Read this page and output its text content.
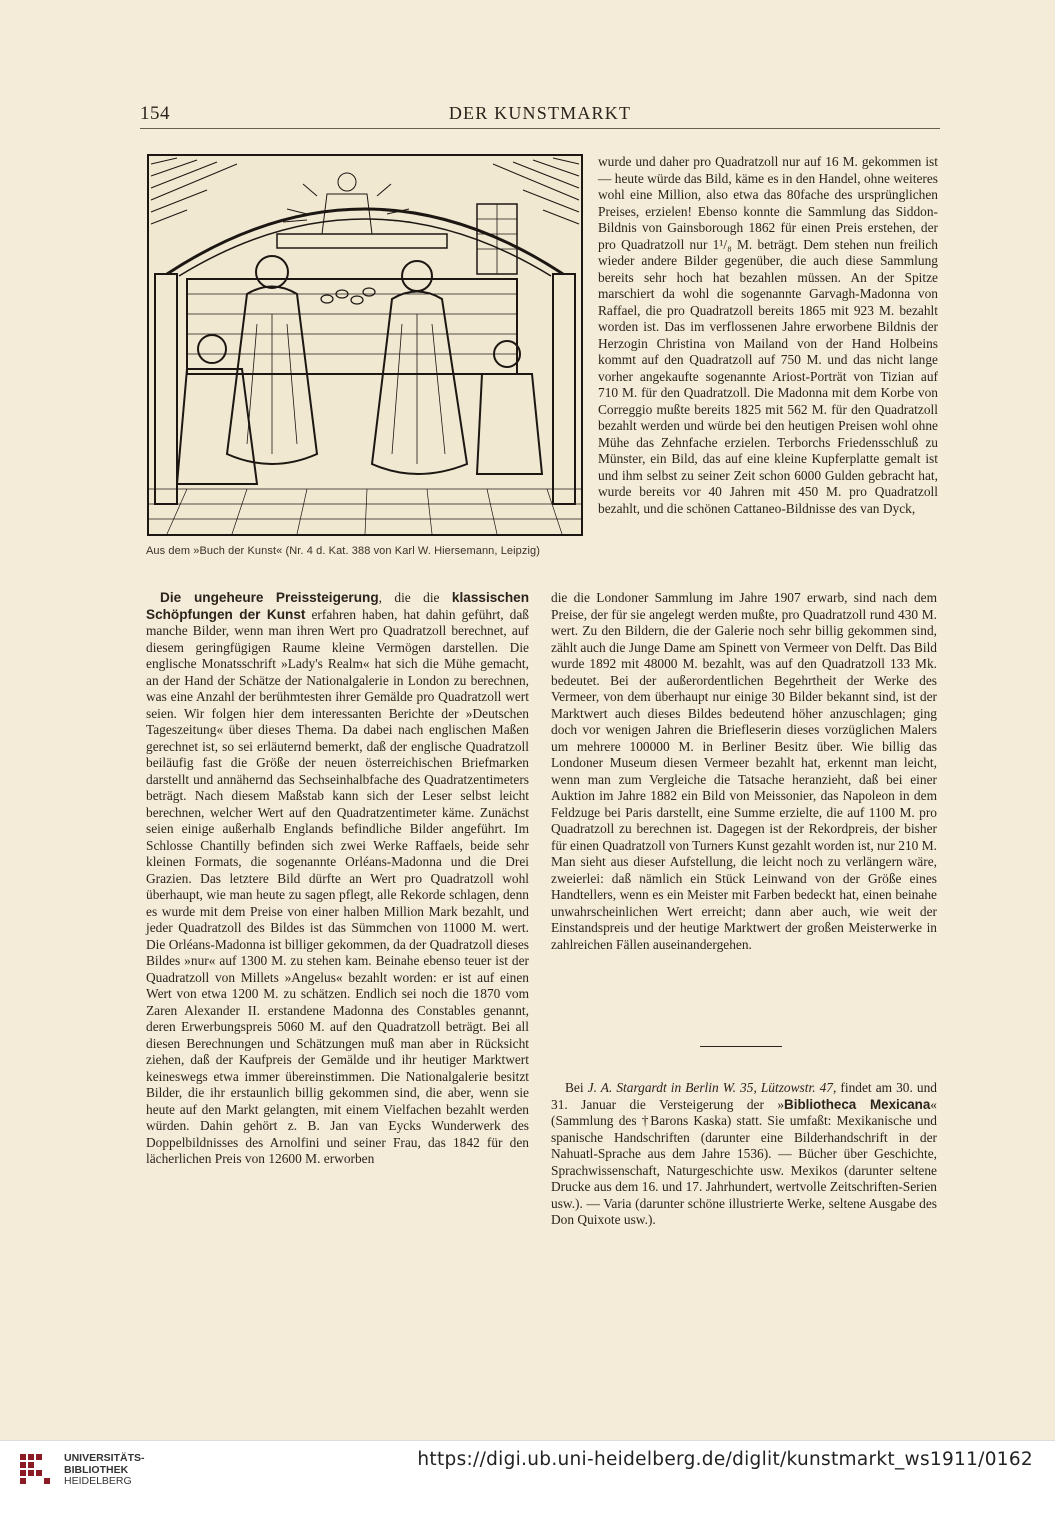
154	DER KUNSTMARKT
Aus dem »Buch der Kunst« (Nr. 4 d. Kat. 388 von Karl W. Hiersemann, Leipzig)

wurde und daher pro Quadratzoll nur auf 16 M. gekommen ist — heute würde das Bild, käme es in den Handel, ohne weiteres wohl eine Million, also etwa das 80fache des ursprünglichen Preises, erzielen! Ebenso konnte die Sammlung das Siddon-Bildnis von Gainsborough 1862 für einen Preis erstehen, der pro Quadratzoll nur 1¹/₈ M. beträgt. Dem stehen nun freilich wieder andere Bilder gegenüber, die auch diese Sammlung bereits sehr hoch hat bezahlen müssen. An der Spitze marschiert da wohl die sogenannte Garvagh-Madonna von Raffael, die pro Quadratzoll bereits 1865 mit 923 M. bezahlt worden ist. Das im verflossenen Jahre erworbene Bildnis der Herzogin Christina von Mailand von der Hand Holbeins kommt auf den Quadratzoll auf 750 M. und das nicht lange vorher angekaufte sogenannte Ariost-Porträt von Tizian auf 710 M. für den Quadratzoll. Die Madonna mit dem Korbe von Correggio mußte bereits 1825 mit 562 M. für den Quadratzoll bezahlt werden und würde bei den heutigen Preisen wohl ohne Mühe das Zehnfache erzielen. Terborchs Friedensschluß zu Münster, ein Bild, das auf eine kleine Kupferplatte gemalt ist und ihm selbst zu seiner Zeit schon 6000 Gulden gebracht hat, wurde bereits vor 40 Jahren mit 450 M. pro Quadratzoll bezahlt, und die schönen Cattaneo-Bildnisse des van Dyck,

Die ungeheure Preissteigerung, die die klassischen Schöpfungen der Kunst erfahren haben, hat dahin geführt, daß manche Bilder, wenn man ihren Wert pro Quadratzoll berechnet, auf diesem geringfügigen Raume kleine Vermögen darstellen. Die englische Monatsschrift »Lady's Realm« hat sich die Mühe gemacht, an der Hand der Schätze der Nationalgalerie in London zu berechnen, was eine Anzahl der berühmtesten ihrer Gemälde pro Quadratzoll wert seien. Wir folgen hier dem interessanten Berichte der »Deutschen Tageszeitung« über dieses Thema. Da dabei nach englischen Maßen gerechnet ist, so sei erläuternd bemerkt, daß der englische Quadratzoll beiläufig fast die Größe der neuen österreichischen Briefmarken darstellt und annähernd das Sechseinhalbfache des Quadratzentimeters beträgt. Nach diesem Maßstab kann sich der Leser selbst leicht berechnen, welcher Wert auf den Quadratzentimeter käme. Zunächst seien einige außerhalb Englands befindliche Bilder angeführt. Im Schlosse Chantilly befinden sich zwei Werke Raffaels, beide sehr kleinen Formats, die sogenannte Orléans-Madonna und die Drei Grazien. Das letztere Bild dürfte an Wert pro Quadratzoll wohl überhaupt, wie man heute zu sagen pflegt, alle Rekorde schlagen, denn es wurde mit dem Preise von einer halben Million Mark bezahlt, und jeder Quadratzoll des Bildes ist das Sümmchen von 11000 M. wert. Die Orléans-Madonna ist billiger gekommen, da der Quadratzoll dieses Bildes »nur« auf 1300 M. zu stehen kam. Beinahe ebenso teuer ist der Quadratzoll von Millets »Angelus« bezahlt worden: er ist auf einen Wert von etwa 1200 M. zu schätzen. Endlich sei noch die 1870 vom Zaren Alexander II. erstandene Madonna des Constables genannt, deren Erwerbungspreis 5060 M. auf den Quadratzoll beträgt. Bei all diesen Berechnungen und Schätzungen muß man aber in Rücksicht ziehen, daß der Kaufpreis der Gemälde und ihr heutiger Marktwert keineswegs etwa immer übereinstimmen. Die Nationalgalerie besitzt Bilder, die ihr erstaunlich billig gekommen sind, die aber, wenn sie heute auf den Markt gelangten, mit einem Vielfachen bezahlt werden würden. Dahin gehört z. B. Jan van Eycks Wunderwerk des Doppelbildnisses des Arnolfini und seiner Frau, das 1842 für den lächerlichen Preis von 12600 M. erworben

die die Londoner Sammlung im Jahre 1907 erwarb, sind nach dem Preise, der für sie angelegt werden mußte, pro Quadratzoll rund 430 M. wert. Zu den Bildern, die der Galerie noch sehr billig gekommen sind, zählt auch die Junge Dame am Spinett von Vermeer von Delft. Das Bild wurde 1892 mit 48000 M. bezahlt, was auf den Quadratzoll 133 Mk. bedeutet. Bei der außerordentlichen Begehrtheit der Werke des Vermeer, von dem überhaupt nur einige 30 Bilder bekannt sind, ist der Marktwert auch dieses Bildes bedeutend höher anzuschlagen; ging doch vor wenigen Jahren die Briefleserin dieses vorzüglichen Malers um mehrere 100000 M. in Berliner Besitz über. Wie billig das Londoner Museum diesen Vermeer bezahlt hat, erkennt man leicht, wenn man zum Vergleiche die Tatsache heranzieht, daß bei einer Auktion im Jahre 1882 ein Bild von Meissonier, das Napoleon in dem Feldzuge bei Paris darstellt, eine Summe erzielte, die auf 1100 M. pro Quadratzoll zu berechnen ist. Dagegen ist der Rekordpreis, der bisher für einen Quadratzoll von Turners Kunst gezahlt worden ist, nur 210 M. Man sieht aus dieser Aufstellung, die leicht noch zu verlängern wäre, zweierlei: daß nämlich ein Stück Leinwand von der Größe eines Handtellers, wenn es ein Meister mit Farben bedeckt hat, einen beinahe unwahrscheinlichen Wert erreicht; dann aber auch, wie weit der Einstandspreis und der heutige Marktwert der großen Meisterwerke in zahlreichen Fällen auseinandergehen.

Bei J. A. Stargardt in Berlin W. 35, Lützowstr. 47, findet am 30. und 31. Januar die Versteigerung der »Bibliotheca Mexicana« (Sammlung des †Barons Kaska) statt. Sie umfaßt: Mexikanische und spanische Handschriften (darunter eine Bilderhandschrift in der Nahuatl-Sprache aus dem Jahre 1536). — Bücher über Geschichte, Sprachwissenschaft, Naturgeschichte usw. Mexikos (darunter seltene Drucke aus dem 16. und 17. Jahrhundert, wertvolle Zeitschriften-Serien usw.). — Varia (darunter schöne illustrierte Werke, seltene Ausgabe des Don Quixote usw.).

UNIVERSITÄTS-
BIBLIOTHEK
HEIDELBERG
https://digi.ub.uni-heidelberg.de/diglit/kunstmarkt_ws1911/0162
